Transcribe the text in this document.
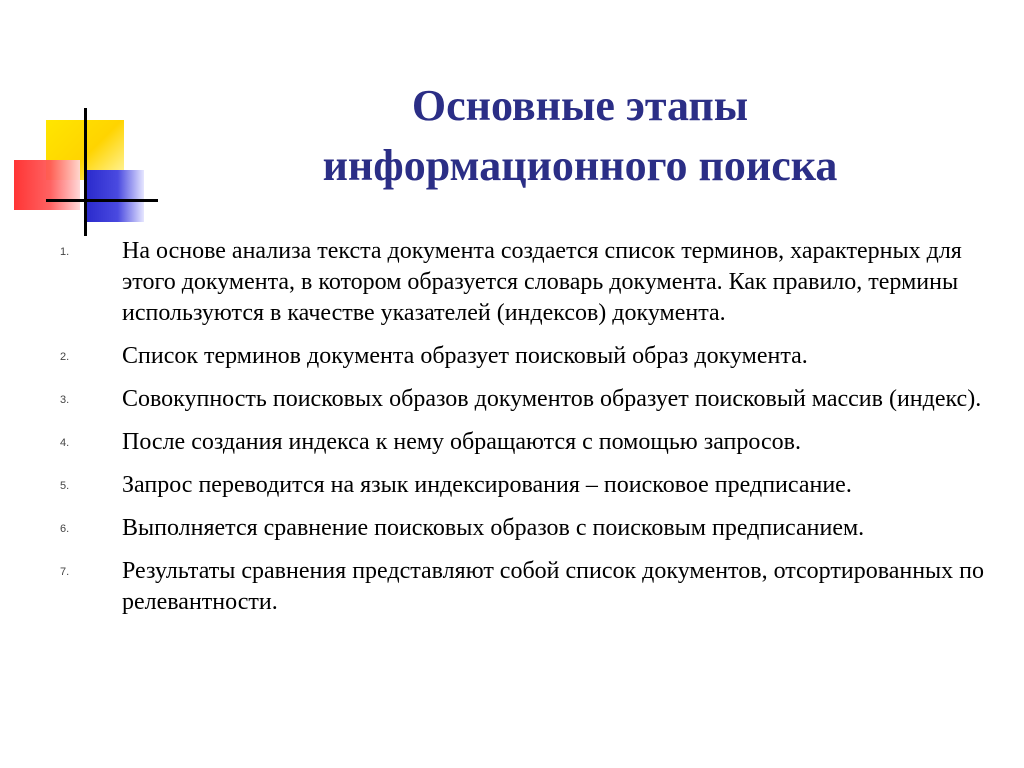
Основные этапы
информационного поиска
1. На основе анализа текста документа создается список терминов, характерных для этого документа, в котором образуется словарь документа. Как правило, термины используются в качестве указателей (индексов) документа.
2. Список терминов документа образует поисковый образ документа.
3. Совокупность поисковых образов документов образует поисковый массив (индекс).
4. После создания индекса к нему обращаются с помощью запросов.
5. Запрос переводится на язык индексирования – поисковое предписание.
6. Выполняется сравнение поисковых образов с поисковым предписанием.
7. Результаты сравнения представляют собой список документов, отсортированных по релевантности.
